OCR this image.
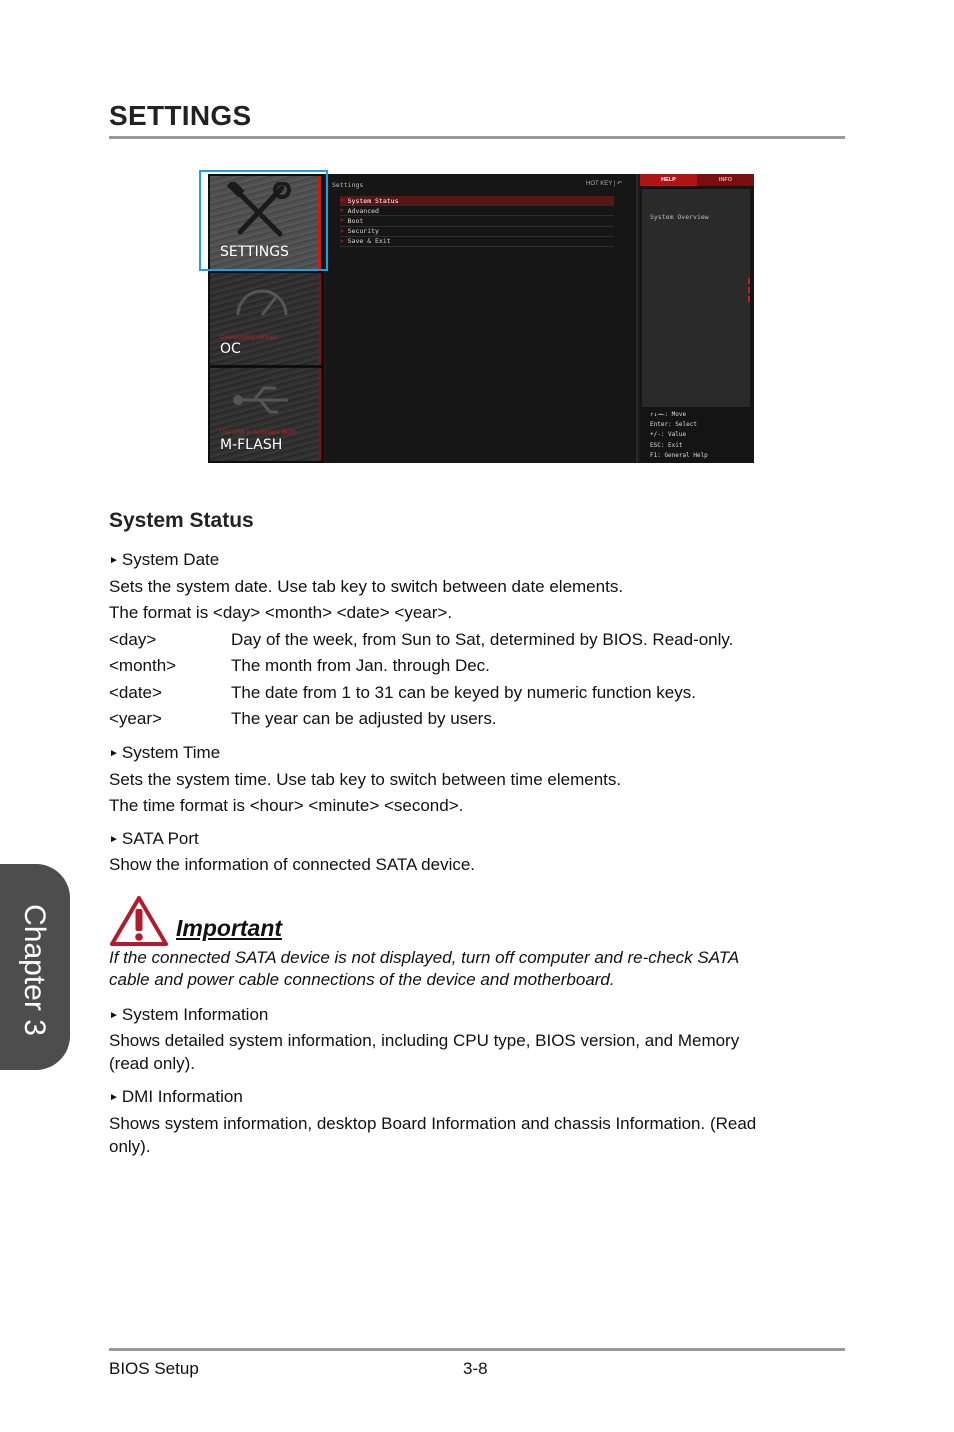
SETTINGS
SETTINGS
Overclocking settings
OC
Use USB to flash/save BIOS
M-FLASH
Settings	HOT KEY | ↶
> System Status
> Advanced
> Boot
> Security
> Save & Exit
HELP	INFO
System Overview
↑↓→←: Move
Enter: Select
+/-: Value
ESC: Exit
F1: General Help
System Status
► System Date
Sets the system date. Use tab key to switch between date elements.
The format is <day> <month> <date> <year>.
<day>	Day of the week, from Sun to Sat, determined by BIOS. Read-only.
<month>	The month from Jan. through Dec.
<date>	The date from 1 to 31 can be keyed by numeric function keys.
<year>	The year can be adjusted by users.
► System Time
Sets the system time. Use tab key to switch between time elements.
The time format is <hour> <minute> <second>.
► SATA Port
Show the information of connected SATA device.
Important
If the connected SATA device is not displayed, turn off computer and re-check SATA
cable and power cable connections of the device and motherboard.
► System Information
Shows detailed system information, including CPU type, BIOS version, and Memory
(read only).
► DMI Information
Shows system information, desktop Board Information and chassis Information. (Read
only).
Chapter 3
BIOS Setup	3-8
